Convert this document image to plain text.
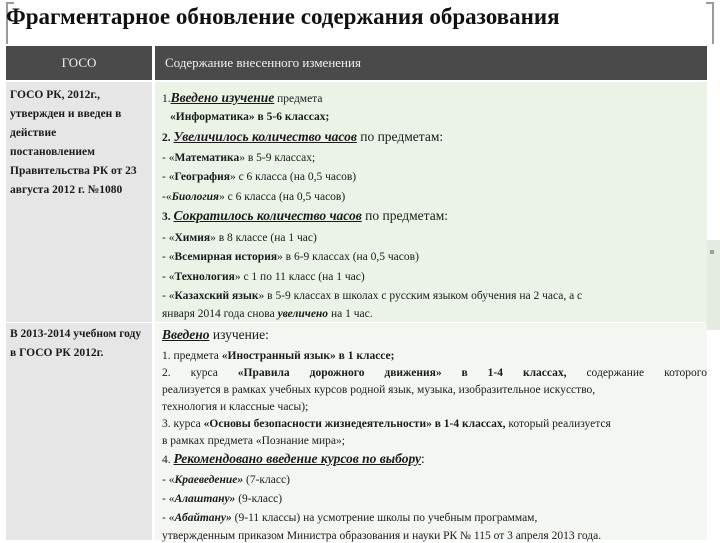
Фрагментарное обновление содержания образования
ГОСО	Содержание внесенного изменения
ГОСО РК, 2012г., утвержден и введен в действие постановлением Правительства РК от 23 августа 2012 г. №1080
1.Введено изучение предмета
«Информатика» в 5-6 классах;
2. Увеличилось количество часов по предметам:
- «Математика» в 5-9 классах;
- «География» с 6 класса (на 0,5 часов)
-«Биология» с 6 класса (на 0,5 часов)
3. Сократилось количество часов по предметам:
- «Химия» в 8 классе (на 1 час)
- «Всемирная история» в 6-9 классах (на 0,5 часов)
- «Технология» с 1 по 11 класс (на 1 час)
- «Казахский язык» в 5-9 классах в школах с русским языком обучения на 2 часа, а с
января 2014 года снова увеличено на 1 час.
В 2013-2014 учебном году в ГОСО РК 2012г.
Введено изучение:
1. предмета «Иностранный язык» в 1 классе;
2. курса «Правила дорожного движения» в 1-4 классах, содержание которого
реализуется в рамках учебных курсов родной язык, музыка, изобразительное искусство,
технология и классные часы);
3. курса «Основы безопасности жизнедеятельности» в 1-4 классах, который реализуется
в рамках предмета «Познание мира»;
4. Рекомендовано введение курсов по выбору:
- «Краеведение» (7-класс)
- «Алаштану» (9-класс)
- «Абайтану» (9-11 классы) на усмотрение школы по учебным программам,
утвержденным приказом Министра образования и науки РК № 115 от 3 апреля 2013 года.
